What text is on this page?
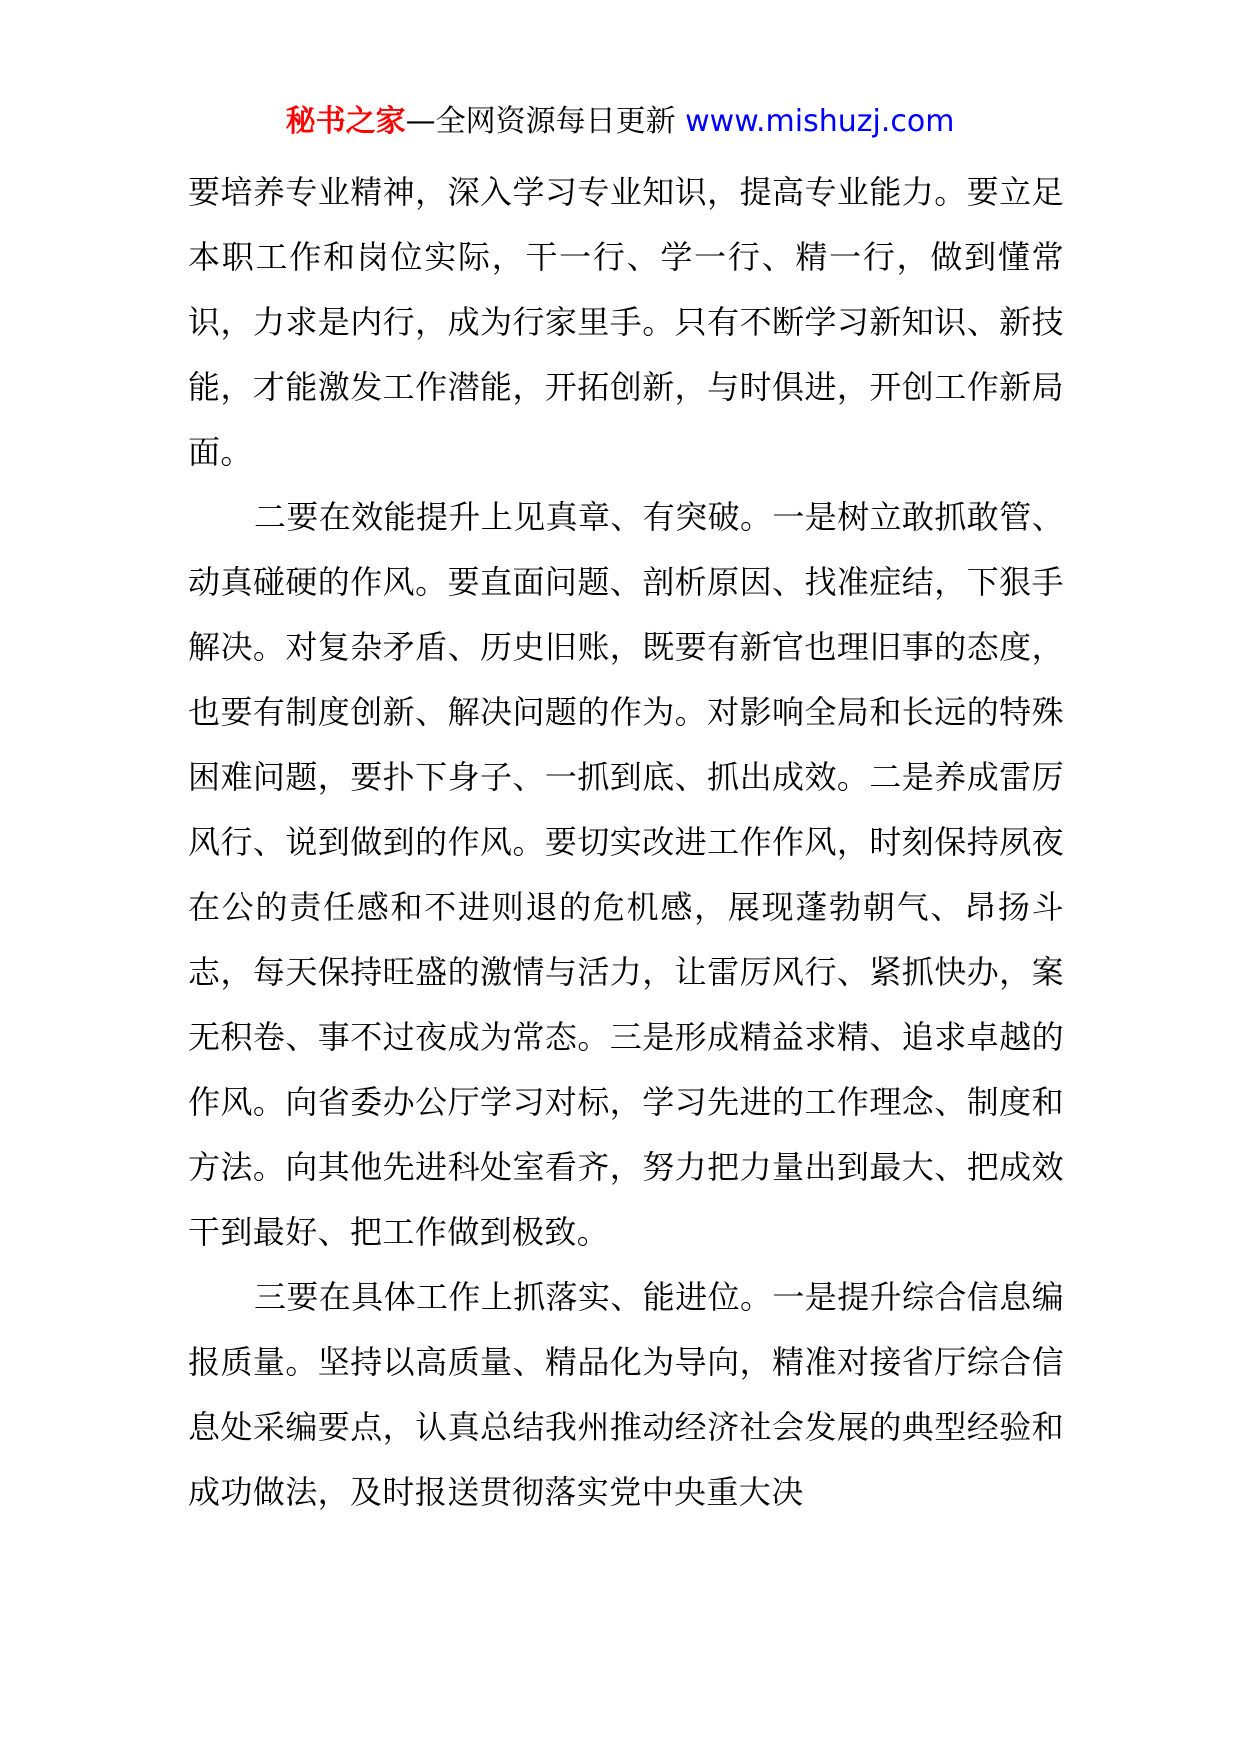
秘书之家—全网资源每日更新 www.mishuzj.com

要培养专业精神，深入学习专业知识，提高专业能力。要立足本职工作和岗位实际，干一行、学一行、精一行，做到懂常识，力求是内行，成为行家里手。只有不断学习新知识、新技能，才能激发工作潜能，开拓创新，与时俱进，开创工作新局面。

二要在效能提升上见真章、有突破。一是树立敢抓敢管、动真碰硬的作风。要直面问题、剖析原因、找准症结，下狠手解决。对复杂矛盾、历史旧账，既要有新官也理旧事的态度，也要有制度创新、解决问题的作为。对影响全局和长远的特殊困难问题，要扑下身子、一抓到底、抓出成效。二是养成雷厉风行、说到做到的作风。要切实改进工作作风，时刻保持夙夜在公的责任感和不进则退的危机感，展现蓬勃朝气、昂扬斗志，每天保持旺盛的激情与活力，让雷厉风行、紧抓快办，案无积卷、事不过夜成为常态。三是形成精益求精、追求卓越的作风。向省委办公厅学习对标，学习先进的工作理念、制度和方法。向其他先进科处室看齐，努力把力量出到最大、把成效干到最好、把工作做到极致。

三要在具体工作上抓落实、能进位。一是提升综合信息编报质量。坚持以高质量、精品化为导向，精准对接省厅综合信息处采编要点，认真总结我州推动经济社会发展的典型经验和成功做法，及时报送贯彻落实党中央重大决
